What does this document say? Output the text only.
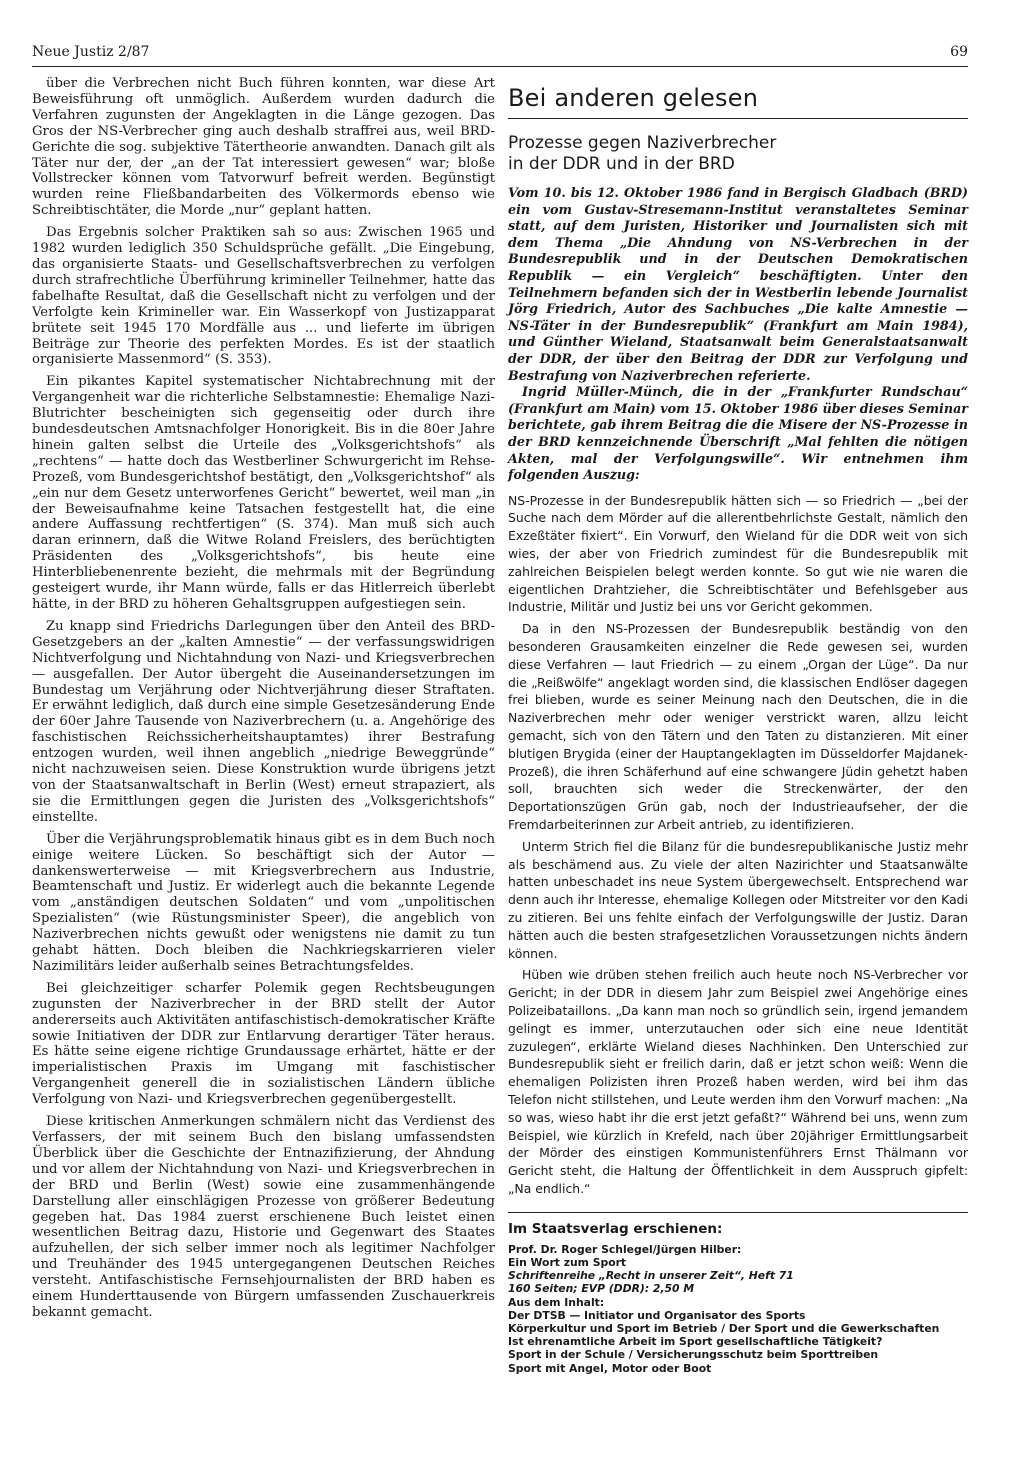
Neue Justiz 2/87	69
über die Verbrechen nicht Buch führen konnten, war diese Art Beweisführung oft unmöglich. Außerdem wurden dadurch die Verfahren zugunsten der Angeklagten in die Länge gezogen. Das Gros der NS-Verbrecher ging auch deshalb straffrei aus, weil BRD-Gerichte die sog. subjektive Tätertheorie anwandten. Danach gilt als Täter nur der, der „an der Tat interessiert gewesen“ war; bloße Vollstrecker können vom Tatvorwurf befreit werden. Begünstigt wurden reine Fließbandarbeiten des Völkermords ebenso wie Schreibtischtäter, die Morde „nur“ geplant hatten.
Das Ergebnis solcher Praktiken sah so aus: Zwischen 1965 und 1982 wurden lediglich 350 Schuldsprüche gefällt. „Die Eingebung, das organisierte Staats- und Gesellschaftsverbrechen zu verfolgen durch strafrechtliche Überführung krimineller Teilnehmer, hatte das fabelhafte Resultat, daß die Gesellschaft nicht zu verfolgen und der Verfolgte kein Krimineller war. Ein Wasserkopf von Justizapparat brütete seit 1945 170 Mordfälle aus ... und lieferte im übrigen Beiträge zur Theorie des perfekten Mordes. Es ist der staatlich organisierte Massenmord“ (S. 353).
Ein pikantes Kapitel systematischer Nichtabrechnung mit der Vergangenheit war die richterliche Selbstamnestie: Ehemalige Nazi-Blutrichter bescheinigten sich gegenseitig oder durch ihre bundesdeutschen Amtsnachfolger Honorigkeit. Bis in die 80er Jahre hinein galten selbst die Urteile des „Volksgerichtshofs“ als „rechtens“ — hatte doch das Westberliner Schwurgericht im Rehse-Prozeß, vom Bundesgerichtshof bestätigt, den „Volksgerichtshof“ als „ein nur dem Gesetz unterworfenes Gericht“ bewertet, weil man „in der Beweisaufnahme keine Tatsachen festgestellt hat, die eine andere Auffassung rechtfertigen“ (S. 374). Man muß sich auch daran erinnern, daß die Witwe Roland Freislers, des berüchtigten Präsidenten des „Volksgerichtshofs“, bis heute eine Hinterbliebenenrente bezieht, die mehrmals mit der Begründung gesteigert wurde, ihr Mann würde, falls er das Hitlerreich überlebt hätte, in der BRD zu höheren Gehaltsgruppen aufgestiegen sein.
Zu knapp sind Friedrichs Darlegungen über den Anteil des BRD-Gesetzgebers an der „kalten Amnestie“ — der verfassungswidrigen Nichtverfolgung und Nichtahndung von Nazi- und Kriegsverbrechen — ausgefallen. Der Autor übergeht die Auseinandersetzungen im Bundestag um Verjährung oder Nichtverjährung dieser Straftaten. Er erwähnt lediglich, daß durch eine simple Gesetzesänderung Ende der 60er Jahre Tausende von Naziverbrechern (u. a. Angehörige des faschistischen Reichssicherheitshauptamtes) ihrer Bestrafung entzogen wurden, weil ihnen angeblich „niedrige Beweggründe“ nicht nachzuweisen seien. Diese Konstruktion wurde übrigens jetzt von der Staatsanwaltschaft in Berlin (West) erneut strapaziert, als sie die Ermittlungen gegen die Juristen des „Volksgerichtshofs“ einstellte.
Über die Verjährungsproblematik hinaus gibt es in dem Buch noch einige weitere Lücken. So beschäftigt sich der Autor — dankenswerterweise — mit Kriegsverbrechern aus Industrie, Beamtenschaft und Justiz. Er widerlegt auch die bekannte Legende vom „anständigen deutschen Soldaten“ und vom „unpolitischen Spezialisten“ (wie Rüstungsminister Speer), die angeblich von Naziverbrechen nichts gewußt oder wenigstens nie damit zu tun gehabt hätten. Doch bleiben die Nachkriegskarrieren vieler Nazimilitärs leider außerhalb seines Betrachtungsfeldes.
Bei gleichzeitiger scharfer Polemik gegen Rechtsbeugungen zugunsten der Naziverbrecher in der BRD stellt der Autor andererseits auch Aktivitäten antifaschistisch-demokratischer Kräfte sowie Initiativen der DDR zur Entlarvung derartiger Täter heraus. Es hätte seine eigene richtige Grundaussage erhärtet, hätte er der imperialistischen Praxis im Umgang mit faschistischer Vergangenheit generell die in sozialistischen Ländern übliche Verfolgung von Nazi- und Kriegsverbrechen gegenübergestellt.
Diese kritischen Anmerkungen schmälern nicht das Verdienst des Verfassers, der mit seinem Buch den bislang umfassendsten Überblick über die Geschichte der Entnazifizierung, der Ahndung und vor allem der Nichtahndung von Nazi- und Kriegsverbrechen in der BRD und Berlin (West) sowie eine zusammenhängende Darstellung aller einschlägigen Prozesse von größerer Bedeutung gegeben hat. Das 1984 zuerst erschienene Buch leistet einen wesentlichen Beitrag dazu, Historie und Gegenwart des Staates aufzuhellen, der sich selber immer noch als legitimer Nachfolger und Treuhänder des 1945 untergegangenen Deutschen Reiches versteht. Antifaschistische Fernsehjournalisten der BRD haben es einem Hunderttausende von Bürgern umfassenden Zuschauerkreis bekannt gemacht.
Bei anderen gelesen
Prozesse gegen Naziverbrecher
in der DDR und in der BRD

Vom 10. bis 12. Oktober 1986 fand in Bergisch Gladbach (BRD) ein vom Gustav-Stresemann-Institut veranstaltetes Seminar statt, auf dem Juristen, Historiker und Journalisten sich mit dem Thema „Die Ahndung von NS-Verbrechen in der Bundesrepublik und in der Deutschen Demokratischen Republik — ein Vergleich“ beschäftigten. Unter den Teilnehmern befanden sich der in Westberlin lebende Journalist Jörg Friedrich, Autor des Sachbuches „Die kalte Amnestie — NS-Täter in der Bundesrepublik“ (Frankfurt am Main 1984), und Günther Wieland, Staatsanwalt beim Generalstaatsanwalt der DDR, der über den Beitrag der DDR zur Verfolgung und Bestrafung von Naziverbrechen referierte.

Ingrid Müller-Münch, die in der „Frankfurter Rundschau“ (Frankfurt am Main) vom 15. Oktober 1986 über dieses Seminar berichtete, gab ihrem Beitrag die die Misere der NS-Prozesse in der BRD kennzeichnende Überschrift „Mal fehlten die nötigen Akten, mal der Verfolgungswille“. Wir entnehmen ihm folgenden Auszug:

NS-Prozesse in der Bundesrepublik hätten sich — so Friedrich — „bei der Suche nach dem Mörder auf die allerentbehrlichste Gestalt, nämlich den Exzeßtäter fixiert“. Ein Vorwurf, den Wieland für die DDR weit von sich wies, der aber von Friedrich zumindest für die Bundesrepublik mit zahlreichen Beispielen belegt werden konnte. So gut wie nie waren die eigentlichen Drahtzieher, die Schreibtischtäter und Befehlsgeber aus Industrie, Militär und Justiz bei uns vor Gericht gekommen.

Da in den NS-Prozessen der Bundesrepublik beständig von den besonderen Grausamkeiten einzelner die Rede gewesen sei, wurden diese Verfahren — laut Friedrich — zu einem „Organ der Lüge“. Da nur die „Reißwölfe“ angeklagt worden sind, die klassischen Endlöser dagegen frei blieben, wurde es seiner Meinung nach den Deutschen, die in die Naziverbrechen mehr oder weniger verstrickt waren, allzu leicht gemacht, sich von den Tätern und den Taten zu distanzieren. Mit einer blutigen Brygida (einer der Hauptangeklagten im Düsseldorfer Majdanek-Prozeß), die ihren Schäferhund auf eine schwangere Jüdin gehetzt haben soll, brauchten sich weder die Streckenwärter, der den Deportationszügen Grün gab, noch der Industrieaufseher, der die Fremdarbeiterinnen zur Arbeit antrieb, zu identifizieren.

Unterm Strich fiel die Bilanz für die bundesrepublikanische Justiz mehr als beschämend aus. Zu viele der alten Nazirichter und Staatsanwälte hatten unbeschadet ins neue System übergewechselt. Entsprechend war denn auch ihr Interesse, ehemalige Kollegen oder Mitstreiter vor den Kadi zu zitieren. Bei uns fehlte einfach der Verfolgungswille der Justiz. Daran hätten auch die besten strafgesetzlichen Voraussetzungen nichts ändern können.

Hüben wie drüben stehen freilich auch heute noch NS-Verbrecher vor Gericht; in der DDR in diesem Jahr zum Beispiel zwei Angehörige eines Polizeibataillons. „Da kann man noch so gründlich sein, irgend jemandem gelingt es immer, unterzutauchen oder sich eine neue Identität zuzulegen“, erklärte Wieland dieses Nachhinken. Den Unterschied zur Bundesrepublik sieht er freilich darin, daß er jetzt schon weiß: Wenn die ehemaligen Polizisten ihren Prozeß haben werden, wird bei ihm das Telefon nicht stillstehen, und Leute werden ihm den Vorwurf machen: „Na so was, wieso habt ihr die erst jetzt gefaßt?“ Während bei uns, wenn zum Beispiel, wie kürzlich in Krefeld, nach über 20jähriger Ermittlungsarbeit der Mörder des einstigen Kommunistenführers Ernst Thälmann vor Gericht steht, die Haltung der Öffentlichkeit in dem Ausspruch gipfelt: „Na endlich.“

Im Staatsverlag erschienen:

Prof. Dr. Roger Schlegel/Jürgen Hilber:

Ein Wort zum Sport

Schriftenreihe „Recht in unserer Zeit“, Heft 71

160 Seiten; EVP (DDR): 2,50 M

Aus dem Inhalt:

Der DTSB — Initiator und Organisator des Sports

Körperkultur und Sport im Betrieb / Der Sport und die Gewerkschaften

Ist ehrenamtliche Arbeit im Sport gesellschaftliche Tätigkeit?

Sport in der Schule / Versicherungsschutz beim Sporttreiben

Sport mit Angel, Motor oder Boot
